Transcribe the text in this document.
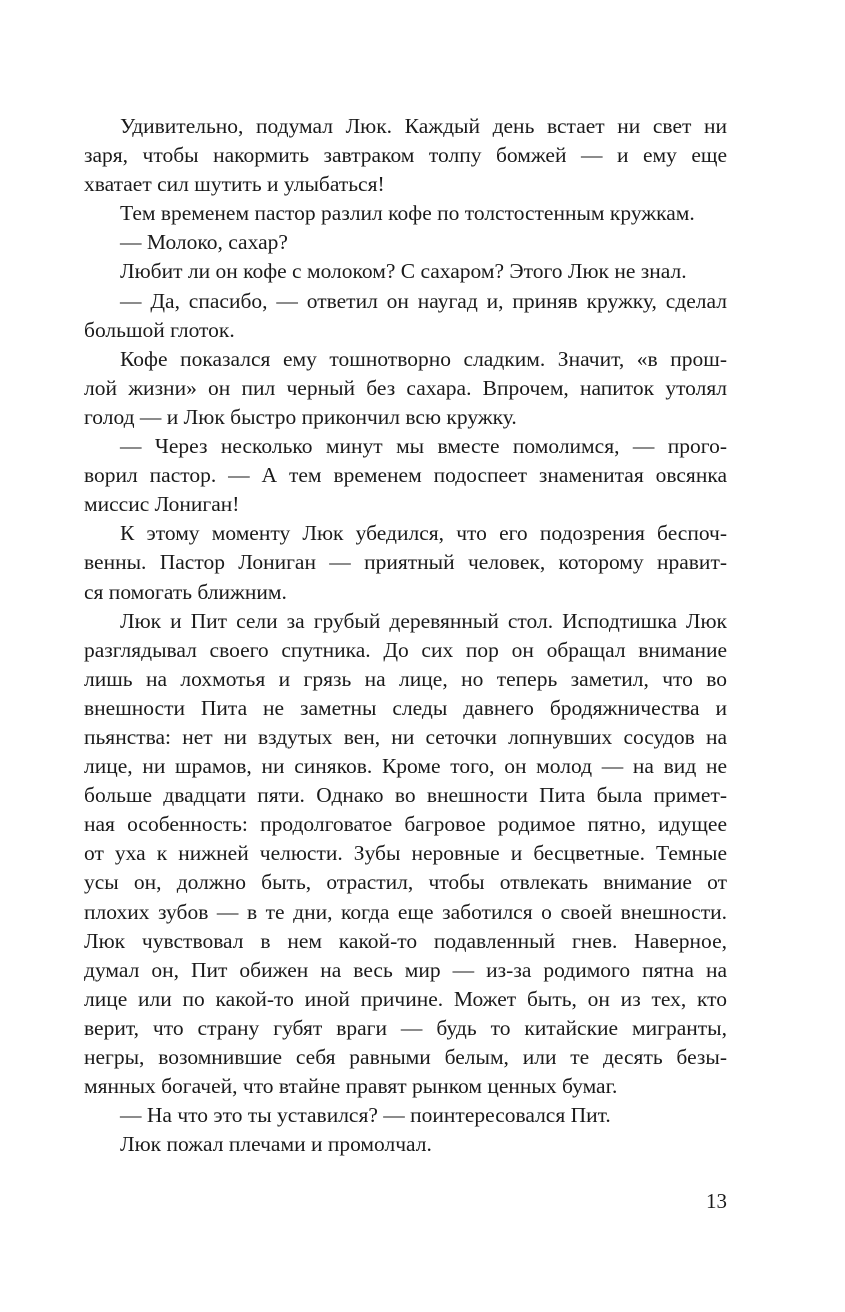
Удивительно, подумал Люк. Каждый день встает ни свет ни
заря, чтобы накормить завтраком толпу бомжей — и ему еще
хватает сил шутить и улыбаться!
Тем временем пастор разлил кофе по толстостенным кружкам.
— Молоко, сахар?
Любит ли он кофе с молоком? С сахаром? Этого Люк не знал.
— Да, спасибо, — ответил он наугад и, приняв кружку, сделал
большой глоток.
Кофе показался ему тошнотворно сладким. Значит, «в прош-
лой жизни» он пил черный без сахара. Впрочем, напиток утолял
голод — и Люк быстро прикончил всю кружку.
— Через несколько минут мы вместе помолимся, — прого-
ворил пастор. — А тем временем подоспеет знаменитая овсянка
миссис Лониган!
К этому моменту Люк убедился, что его подозрения беспоч-
венны. Пастор Лониган — приятный человек, которому нравит-
ся помогать ближним.
Люк и Пит сели за грубый деревянный стол. Исподтишка Люк
разглядывал своего спутника. До сих пор он обращал внимание
лишь на лохмотья и грязь на лице, но теперь заметил, что во
внешности Пита не заметны следы давнего бродяжничества и
пьянства: нет ни вздутых вен, ни сеточки лопнувших сосудов на
лице, ни шрамов, ни синяков. Кроме того, он молод — на вид не
больше двадцати пяти. Однако во внешности Пита была примет-
ная особенность: продолговатое багровое родимое пятно, идущее
от уха к нижней челюсти. Зубы неровные и бесцветные. Темные
усы он, должно быть, отрастил, чтобы отвлекать внимание от
плохих зубов — в те дни, когда еще заботился о своей внешности.
Люк чувствовал в нем какой-то подавленный гнев. Наверное,
думал он, Пит обижен на весь мир — из-за родимого пятна на
лице или по какой-то иной причине. Может быть, он из тех, кто
верит, что страну губят враги — будь то китайские мигранты,
негры, возомнившие себя равными белым, или те десять безы-
мянных богачей, что втайне правят рынком ценных бумаг.
— На что это ты уставился? — поинтересовался Пит.
Люк пожал плечами и промолчал.
13
